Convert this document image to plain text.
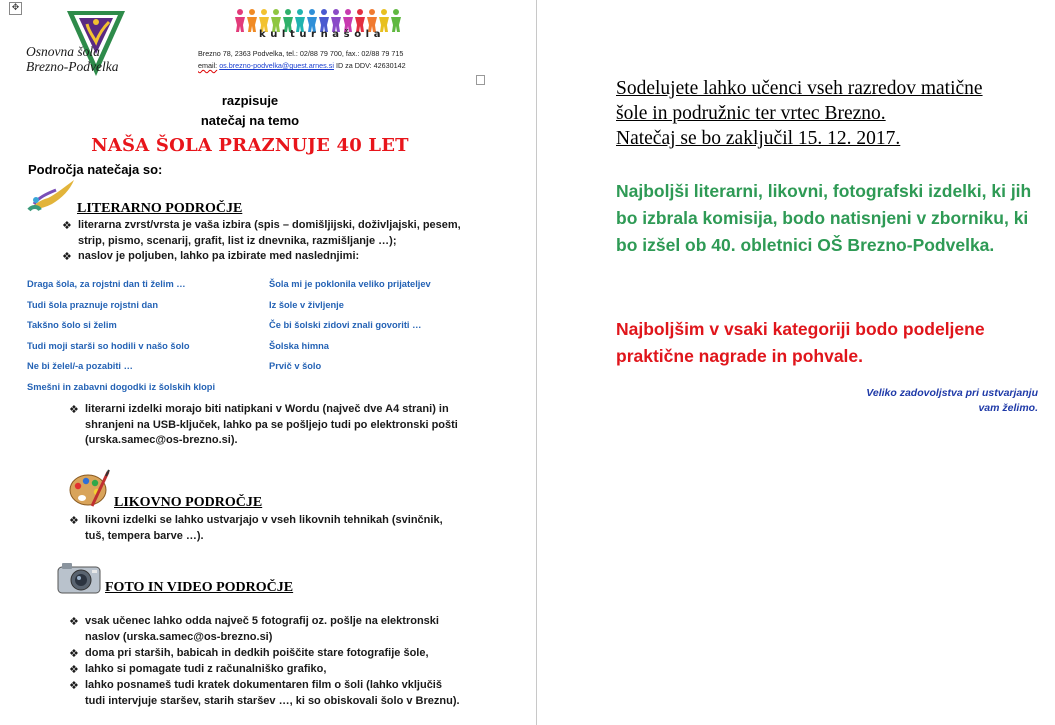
✥
Osnovna šola
Brezno-Podvelka
kulturnašola
Brezno 78, 2363 Podvelka, tel.: 02/88 79 700, fax.: 02/88 79 715
email: os.brezno-podvelka@guest.arnes.si ID za DDV: 42630142
razpisuje
natečaj na temo
NAŠA ŠOLA PRAZNUJE 40 LET
Področja natečaja so:
LITERARNO PODROČJE
❖ literarna zvrst/vrsta je vaša izbira (spis – domišljijski, doživljajski, pesem,
strip, pismo, scenarij, grafit, list iz dnevnika, razmišljanje …);
❖ naslov je poljuben, lahko pa izbirate med naslednjimi:
Draga šola, za rojstni dan ti želim …
Tudi šola praznuje rojstni dan
Takšno šolo si želim
Tudi moji starši so hodili v našo šolo
Ne bi želel/-a pozabiti …
Smešni in zabavni dogodki iz šolskih klopi
Šola mi je poklonila veliko prijateljev
Iz šole v življenje
Če bi šolski zidovi znali govoriti …
Šolska himna
Prvič v šolo
❖ literarni izdelki morajo biti natipkani v Wordu (največ dve A4 strani) in
shranjeni na USB-ključek, lahko pa se pošljejo tudi po elektronski pošti
(urska.samec@os-brezno.si).
LIKOVNO PODROČJE
❖ likovni izdelki se lahko ustvarjajo v vseh likovnih tehnikah (svinčnik,
tuš, tempera barve …).
FOTO IN VIDEO PODROČJE
❖ vsak učenec lahko odda največ 5 fotografij oz. pošlje na elektronski
naslov (urska.samec@os-brezno.si)
❖ doma pri starših, babicah in dedkih poiščite stare fotografije šole,
❖ lahko si pomagate tudi z računalniško grafiko,
❖ lahko posnameš tudi kratek dokumentaren film o šoli (lahko vključiš
tudi intervjuje staršev, starih staršev …, ki so obiskovali šolo v Breznu).
Sodelujete lahko učenci vseh razredov matične
šole in podružnic ter vrtec Brezno.
Natečaj se bo zaključil 15. 12. 2017.
Najboljši literarni, likovni, fotografski izdelki, ki jih bo izbrala komisija, bodo natisnjeni v zborniku, ki bo izšel ob 40. obletnici OŠ Brezno-Podvelka.
Najboljšim v vsaki kategoriji bodo podeljene praktične nagrade in pohvale.
Veliko zadovoljstva pri ustvarjanju
vam želimo.
